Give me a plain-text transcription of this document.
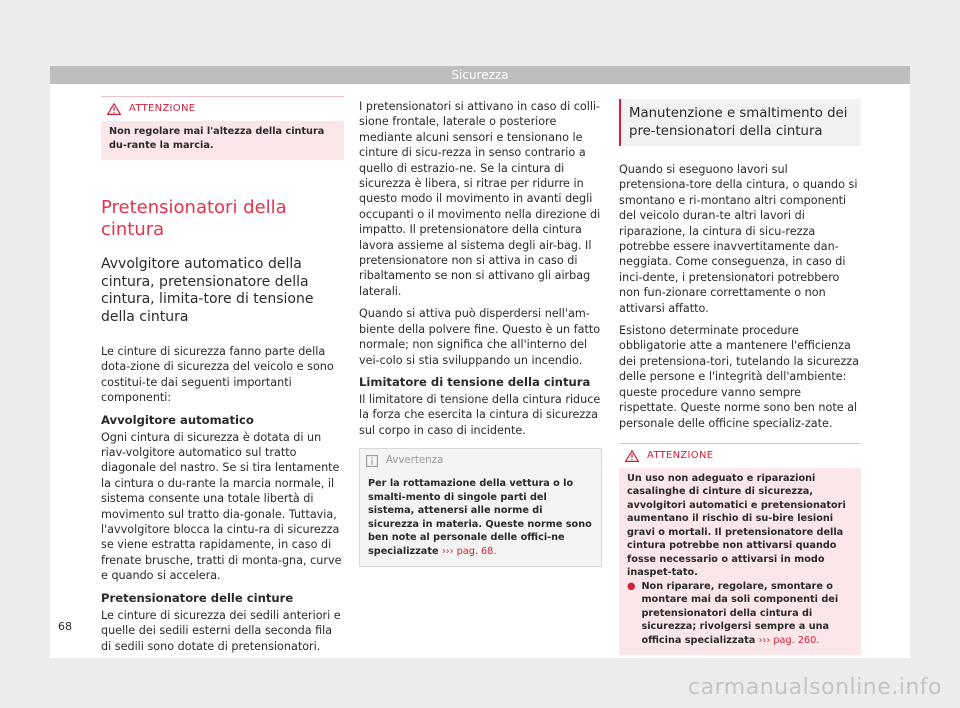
Sicurezza
ATTENZIONE
Non regolare mai l'altezza della cintura du-rante la marcia.
Pretensionatori della cintura
Avvolgitore automatico della cintura, pretensionatore della cintura, limita-tore di tensione della cintura

Le cinture di sicurezza fanno parte della dota-zione di sicurezza del veicolo e sono costitui-te dai seguenti importanti componenti:

Avvolgitore automatico

Ogni cintura di sicurezza è dotata di un riav-volgitore automatico sul tratto diagonale del nastro. Se si tira lentamente la cintura o du-rante la marcia normale, il sistema consente una totale libertà di movimento sul tratto dia-gonale. Tuttavia, l'avvolgitore blocca la cintu-ra di sicurezza se viene estratta rapidamente, in caso di frenate brusche, tratti di monta-gna, curve e quando si accelera.

Pretensionatore delle cinture

Le cinture di sicurezza dei sedili anteriori e quelle dei sedili esterni della seconda fila di sedili sono dotate di pretensionatori.

I pretensionatori si attivano in caso di colli-sione frontale, laterale o posteriore mediante alcuni sensori e tensionano le cinture di sicu-rezza in senso contrario a quello di estrazio-ne. Se la cintura di sicurezza è libera, si ritrae per ridurre in questo modo il movimento in avanti degli occupanti o il movimento nella direzione di impatto. Il pretensionatore della cintura lavora assieme al sistema degli air-bag. Il pretensionatore non si attiva in caso di ribaltamento se non si attivano gli airbag laterali.

Quando si attiva può disperdersi nell'am-biente della polvere fine. Questo è un fatto normale; non significa che all'interno del vei-colo si stia sviluppando un incendio.

Limitatore di tensione della cintura

Il limitatore di tensione della cintura riduce la forza che esercita la cintura di sicurezza sul corpo in caso di incidente.

Avvertenza
Per la rottamazione della vettura o lo smalti-mento di singole parti del sistema, attenersi alle norme di sicurezza in materia. Queste norme sono ben note al personale delle offici-ne specializzate ››› pag. 68.
Manutenzione e smaltimento dei pre-tensionatori della cintura

Quando si eseguono lavori sul pretensiona-tore della cintura, o quando si smontano e ri-montano altri componenti del veicolo duran-te altri lavori di riparazione, la cintura di sicu-rezza potrebbe essere inavvertitamente dan-neggiata. Come conseguenza, in caso di inci-dente, i pretensionatori potrebbero non fun-zionare correttamente o non attivarsi affatto.

Esistono determinate procedure obbligatorie atte a mantenere l'efficienza dei pretensiona-tori, tutelando la sicurezza delle persone e l'integrità dell'ambiente: queste procedure vanno sempre rispettate. Queste norme sono ben note al personale delle officine specializ-zate.

ATTENZIONE
Un uso non adeguato e riparazioni casalinghe di cinture di sicurezza, avvolgitori automatici e pretensionatori aumentano il rischio di su-bire lesioni gravi o mortali. Il pretensionatore della cintura potrebbe non attivarsi quando fosse necessario o attivarsi in modo inaspet-tato.
● Non riparare, regolare, smontare o montare mai da soli componenti dei pretensionatori della cintura di sicurezza; rivolgersi sempre a una officina specializzata ››› pag. 260.
68
carmanualsonline.info
